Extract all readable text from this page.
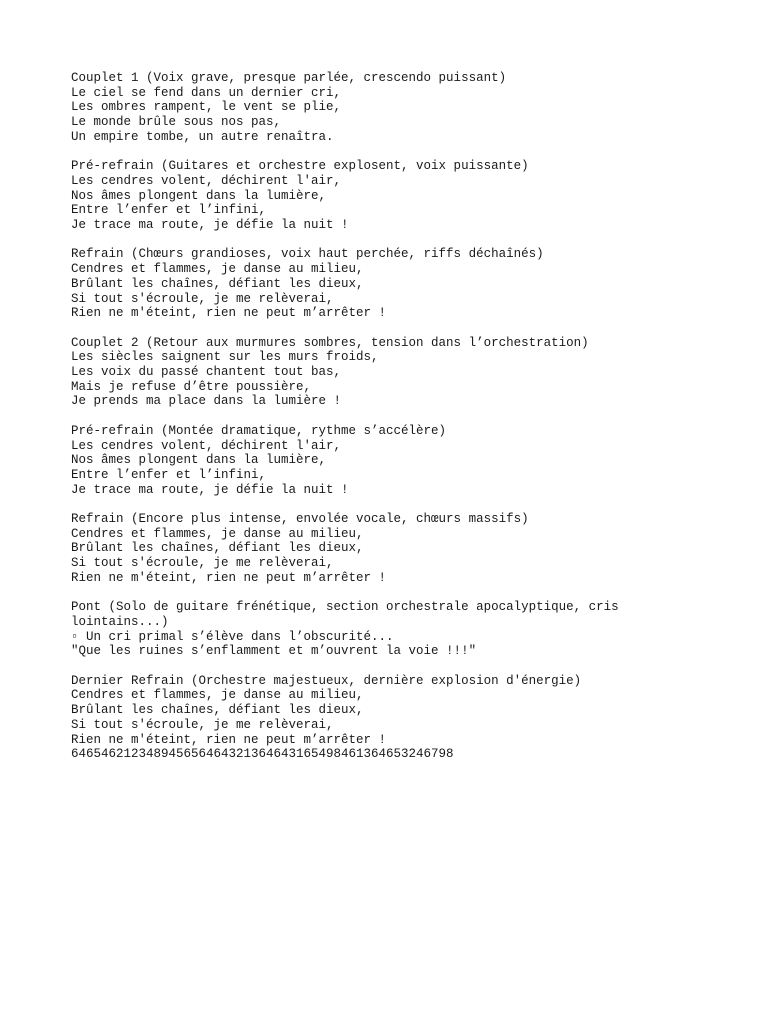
Couplet 1 (Voix grave, presque parlée, crescendo puissant)
Le ciel se fend dans un dernier cri,
Les ombres rampent, le vent se plie,
Le monde brûle sous nos pas,
Un empire tombe, un autre renaîtra.
Pré-refrain (Guitares et orchestre explosent, voix puissante)
Les cendres volent, déchirent l'air,
Nos âmes plongent dans la lumière,
Entre l’enfer et l’infini,
Je trace ma route, je défie la nuit !
Refrain (Chœurs grandioses, voix haut perchée, riffs déchaînés)
Cendres et flammes, je danse au milieu,
Brûlant les chaînes, défiant les dieux,
Si tout s'écroule, je me relèverai,
Rien ne m'éteint, rien ne peut m’arrêter !
Couplet 2 (Retour aux murmures sombres, tension dans l’orchestration)
Les siècles saignent sur les murs froids,
Les voix du passé chantent tout bas,
Mais je refuse d’être poussière,
Je prends ma place dans la lumière !
Pré-refrain (Montée dramatique, rythme s’accélère)
Les cendres volent, déchirent l'air,
Nos âmes plongent dans la lumière,
Entre l’enfer et l’infini,
Je trace ma route, je défie la nuit !
Refrain (Encore plus intense, envolée vocale, chœurs massifs)
Cendres et flammes, je danse au milieu,
Brûlant les chaînes, défiant les dieux,
Si tout s'écroule, je me relèverai,
Rien ne m'éteint, rien ne peut m’arrêter !
Pont (Solo de guitare frénétique, section orchestrale apocalyptique, cris lointains...)
▫ Un cri primal s’élève dans l’obscurité...
"Que les ruines s’enflamment et m’ouvrent la voie !!!"
Dernier Refrain (Orchestre majestueux, dernière explosion d'énergie)
Cendres et flammes, je danse au milieu,
Brûlant les chaînes, défiant les dieux,
Si tout s'écroule, je me relèverai,
Rien ne m'éteint, rien ne peut m’arrêter !
6465462123489456564643213646431654984613646532467​98
